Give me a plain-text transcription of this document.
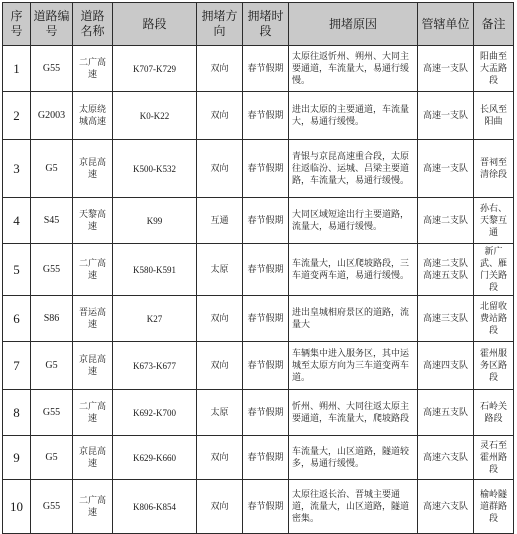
序号	道路编号	道路名称	路段	拥堵方向	拥堵时段	拥堵原因	管辖单位	备注
1	G55	二广高速	K707-K729	双向	春节假期	太原往返忻州、朔州、大同主要通道，车流量大，易通行缓慢。	高速一支队	阳曲至大盂路段
2	G2003	太原绕城高速	K0-K22	双向	春节假期	进出太原的主要通道，车流量大，易通行缓慢。	高速一支队	长风至阳曲
3	G5	京昆高速	K500-K532	双向	春节假期	青银与京昆高速重合段，太原往返临汾、运城、吕梁主要道路，车流量大，易通行缓慢。	高速一支队	晋祠至清徐段
4	S45	天黎高速	K99	互通	春节假期	大同区域短途出行主要道路，流量大，易通行缓慢。	高速二支队	孙右、天黎互通
5	G55	二广高速	K580-K591	太原	春节假期	车流量大，山区爬坡路段，三车道变两车道，易通行缓慢。	高速二支队 高速五支队	新广武、雁门关路段
6	S86	晋运高速	K27	双向	春节假期	进出皇城相府景区的道路，流量大	高速三支队	北留收费站路段
7	G5	京昆高速	K673-K677	双向	春节假期	车辆集中进入服务区，其中运城至太原方向为三车道变两车道。	高速四支队	霍州服务区路段
8	G55	二广高速	K692-K700	太原	春节假期	忻州、朔州、大同往返太原主要通道，车流量大，爬坡路段	高速五支队	石岭关路段
9	G5	京昆高速	K629-K660	双向	春节假期	车流量大，山区道路，隧道较多，易通行缓慢。	高速六支队	灵石至霍州路段
10	G55	二广高速	K806-K854	双向	春节假期	太原往返长治、晋城主要通道，流量大，山区道路，隧道密集。	高速六支队	榆岭隧道群路段
